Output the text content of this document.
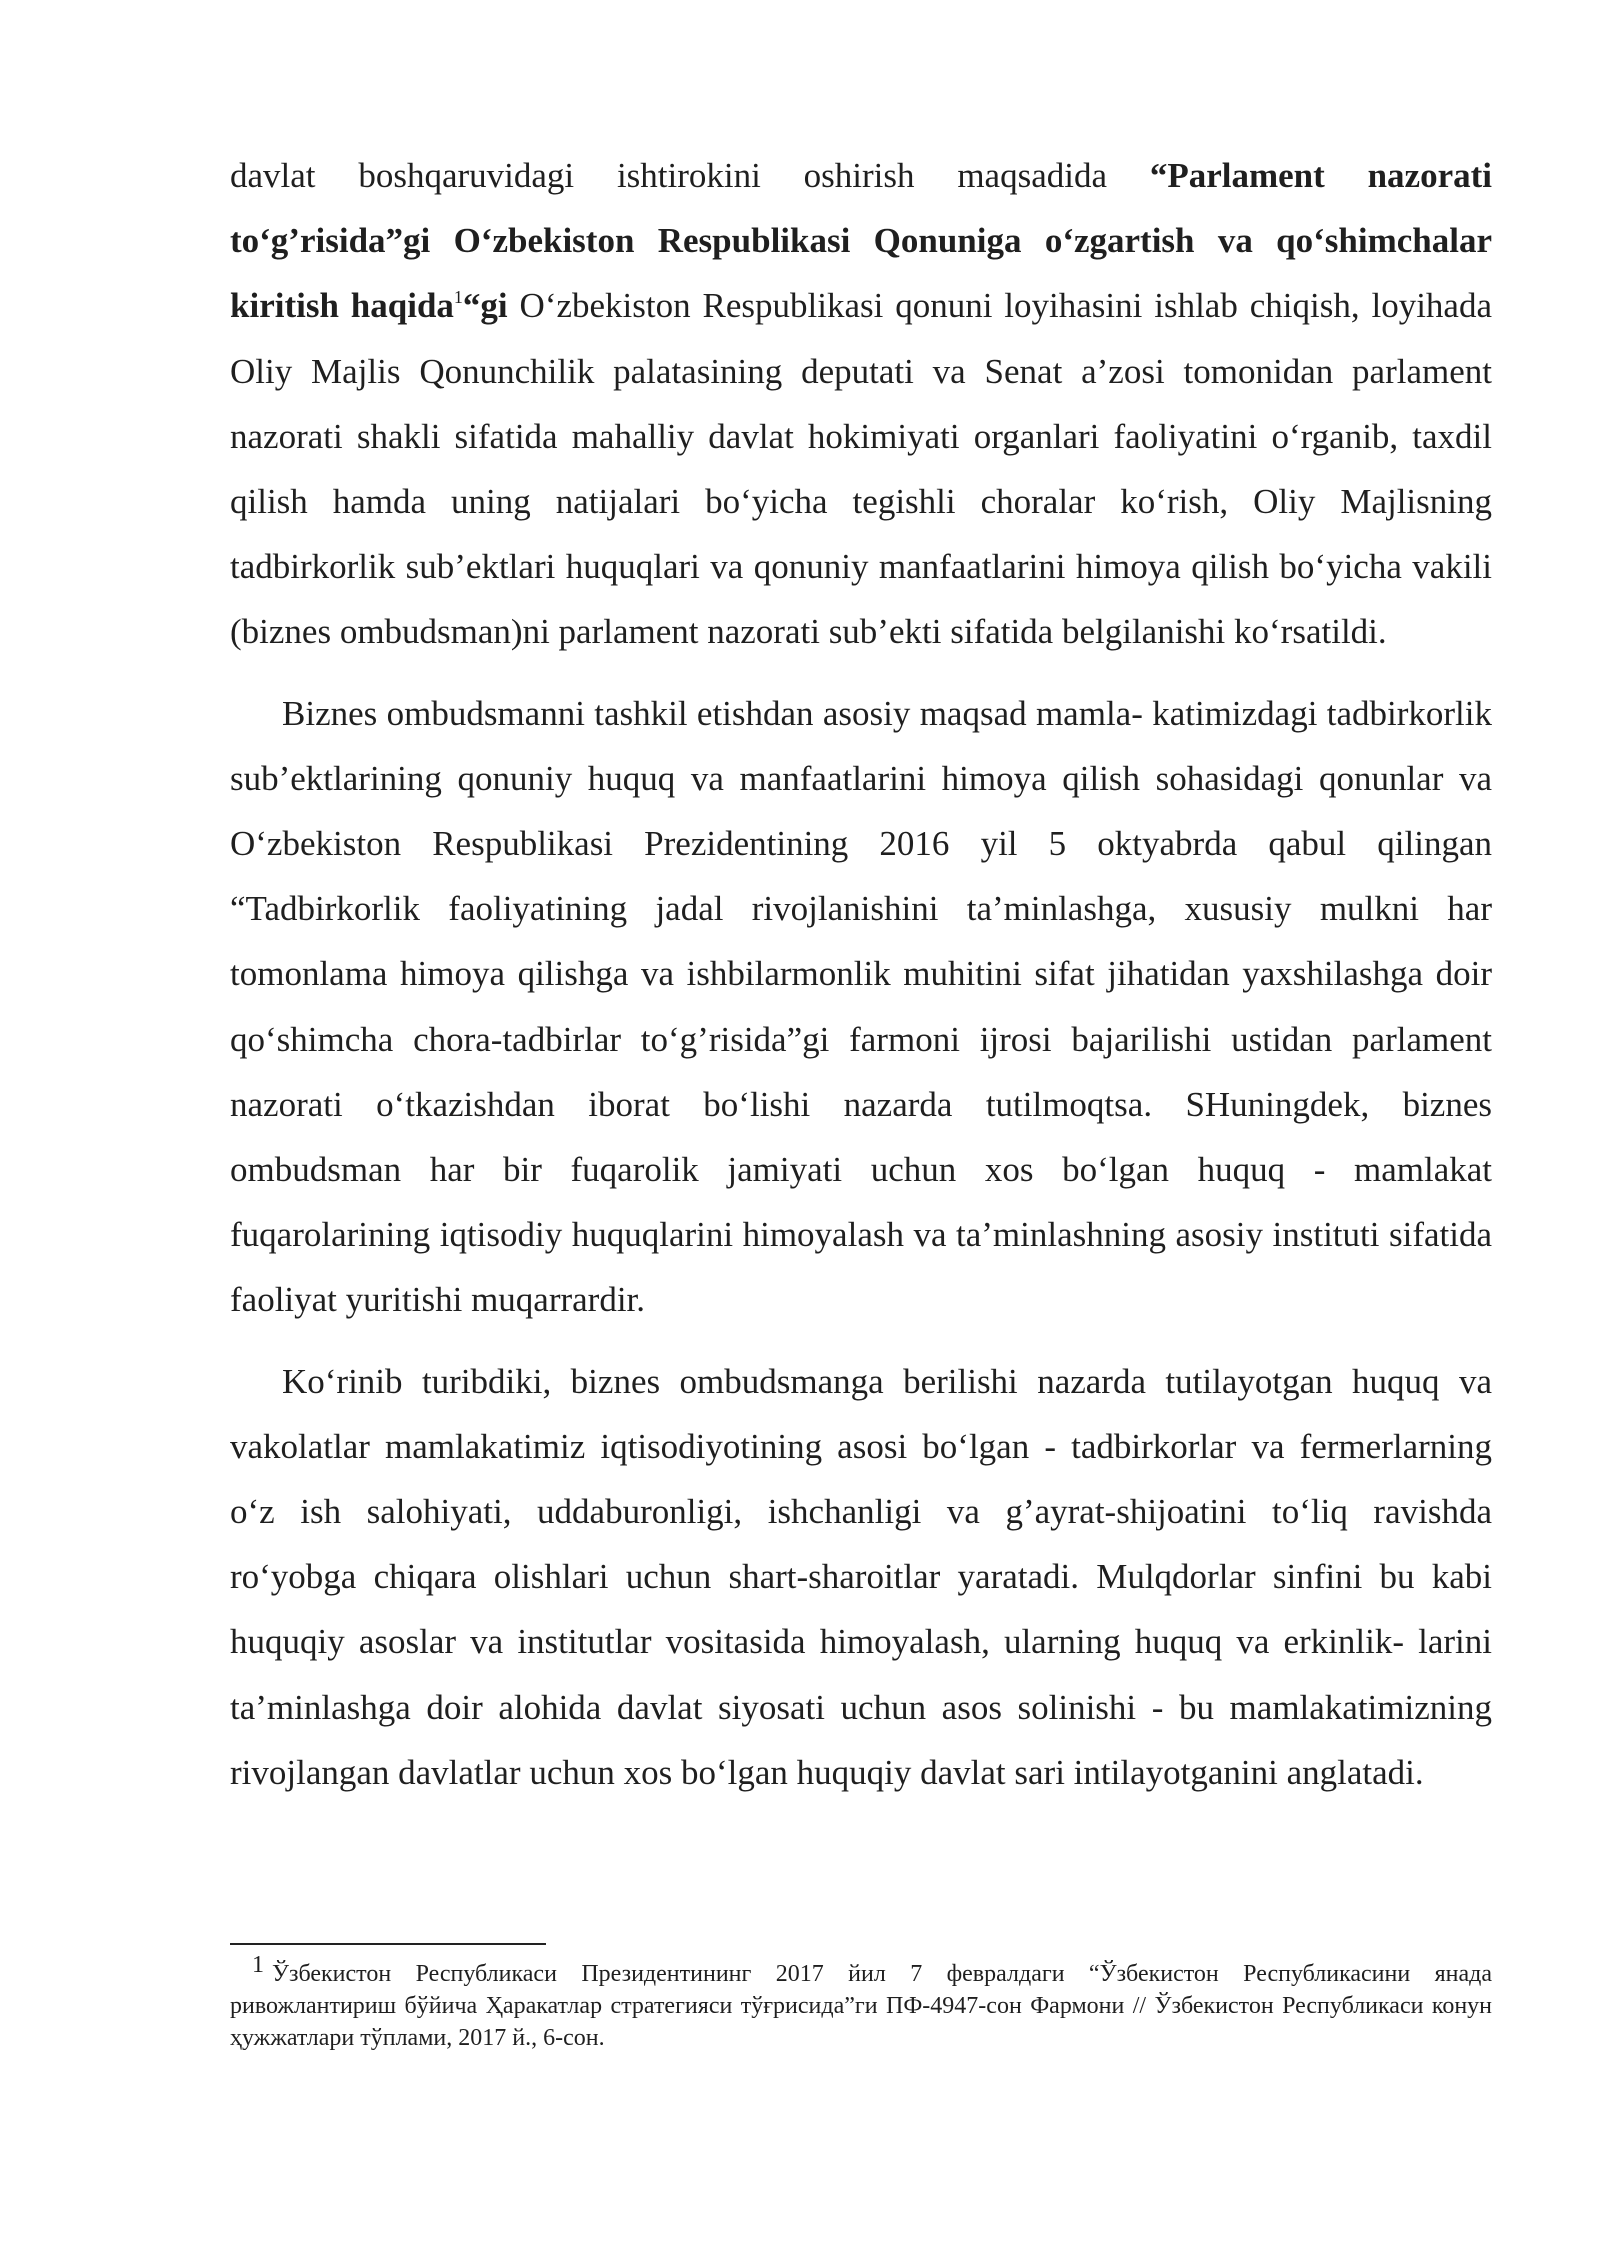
davlat boshqaruvidagi ishtirokini oshirish maqsadida “Parlament nazorati to‘g’risida”gi O‘zbekiston Respublikasi Qonuniga o‘zgartish va qo‘shimchalar kiritish haqida$^1$“gi O‘zbekiston Respublikasi qonuni loyihasini ishlab chiqish, loyihada Oliy Majlis Qonunchilik palatasining deputati va Senat a’zosi tomonidan parlament nazorati shakli sifatida mahalliy davlat hokimiyati organlari faoliyatini o‘rganib, taxdil qilish hamda uning natijalari bo‘yicha tegishli choralar ko‘rish, Oliy Majlisning tadbirkorlik sub’ektlari huquqlari va qonuniy manfaatlarini himoya qilish bo‘yicha vakili (biznes ombudsman)ni parlament nazorati sub’ekti sifatida belgilanishi ko‘rsatildi.

Biznes ombudsmanni tashkil etishdan asosiy maqsad mamla- katimizdagi tadbirkorlik sub’ektlarining qonuniy huquq va manfaatlarini himoya qilish sohasidagi qonunlar va O‘zbekiston Respublikasi Prezidentining 2016 yil 5 oktyabrda qabul qilingan “Tadbirkorlik faoliyatining jadal rivojlanishini ta’minlashga, xususiy mulkni har tomonlama himoya qilishga va ishbilarmonlik muhitini sifat jihatidan yaxshilashga doir qo‘shimcha chora-tadbirlar to‘g’risida”gi farmoni ijrosi bajarilishi ustidan parlament nazorati o‘tkazishdan iborat bo‘lishi nazarda tutilmoqtsa. SHuningdek, biznes ombudsman har bir fuqarolik jamiyati uchun xos bo‘lgan huquq - mamlakat fuqarolarining iqtisodiy huquqlarini himoyalash va ta’minlashning asosiy instituti sifatida faoliyat yuritishi muqarrardir.

Ko‘rinib turibdiki, biznes ombudsmanga berilishi nazarda tutilayotgan huquq va vakolatlar mamlakatimiz iqtisodiyotining asosi bo‘lgan - tadbirkorlar va fermerlarning o‘z ish salohiyati, uddaburonligi, ishchanligi va g’ayrat-shijoatini to‘liq ravishda ro‘yobga chiqara olishlari uchun shart-sharoitlar yaratadi. Mulqdorlar sinfini bu kabi huquqiy asoslar va institutlar vositasida himoyalash, ularning huquq va erkinlik- larini ta’minlashga doir alohida davlat siyosati uchun asos solinishi - bu mamlakatimizning rivojlangan davlatlar uchun xos bo‘lgan huquqiy davlat sari intilayotganini anglatadi.

1 Ўзбекистон Республикаси Президентининг 2017 йил 7 февралдаги “Ўзбекистон Республикасини янада ривожлантириш бўйича Ҳаракатлар стратегияси тўғрисида”ги ПФ-4947-сон Фармони // Ўзбекистон Республикаси конун ҳужжатлари тўплами, 2017 й., 6-сон.
